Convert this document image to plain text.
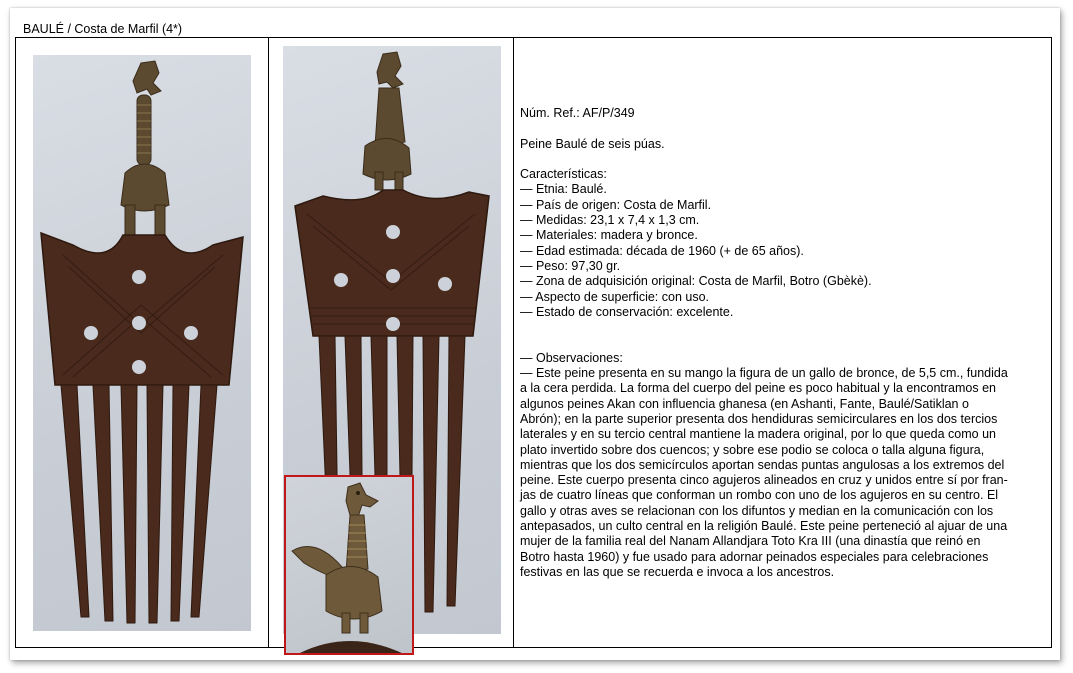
BAULÉ / Costa de Marfil (4*)

Núm. Ref.: AF/P/349

Peine Baulé de seis púas.

Características:

— Etnia: Baulé.

— País de origen: Costa de Marfil.

— Medidas: 23,1 x 7,4 x 1,3 cm.

— Materiales: madera y bronce.

— Edad estimada: década de 1960 (+ de 65 años).

— Peso: 97,30 gr.

— Zona de adquisición original: Costa de Marfil, Botro (Gbèkè).

— Aspecto de superficie: con uso.

— Estado de conservación: excelente.

— Observaciones:

— Este peine presenta en su mango la figura de un gallo de bronce, de 5,5 cm., fundida

a la cera perdida. La forma del cuerpo del peine es poco habitual y la encontramos en

algunos peines Akan con influencia ghanesa (en Ashanti, Fante, Baulé/Satiklan o

Abrón); en la parte superior presenta dos hendiduras semicirculares en los dos tercios

laterales y en su tercio central mantiene la madera original, por lo que queda como un

plato invertido sobre dos cuencos; y sobre ese podio se coloca o talla alguna figura,

mientras que los dos semicírculos aportan sendas puntas angulosas a los extremos del

peine. Este cuerpo presenta cinco agujeros alineados en cruz y unidos entre sí por fran-

jas de cuatro líneas que conforman un rombo con uno de los agujeros en su centro. El

gallo y otras aves se relacionan con los difuntos y median en la comunicación con los

antepasados, un culto central en la religión Baulé. Este peine perteneció al ajuar de una

mujer de la familia real del Nanam Allandjara Toto Kra III (una dinastía que reinó en

Botro hasta 1960) y fue usado para adornar peinados especiales para celebraciones

festivas en las que se recuerda e invoca a los ancestros.
